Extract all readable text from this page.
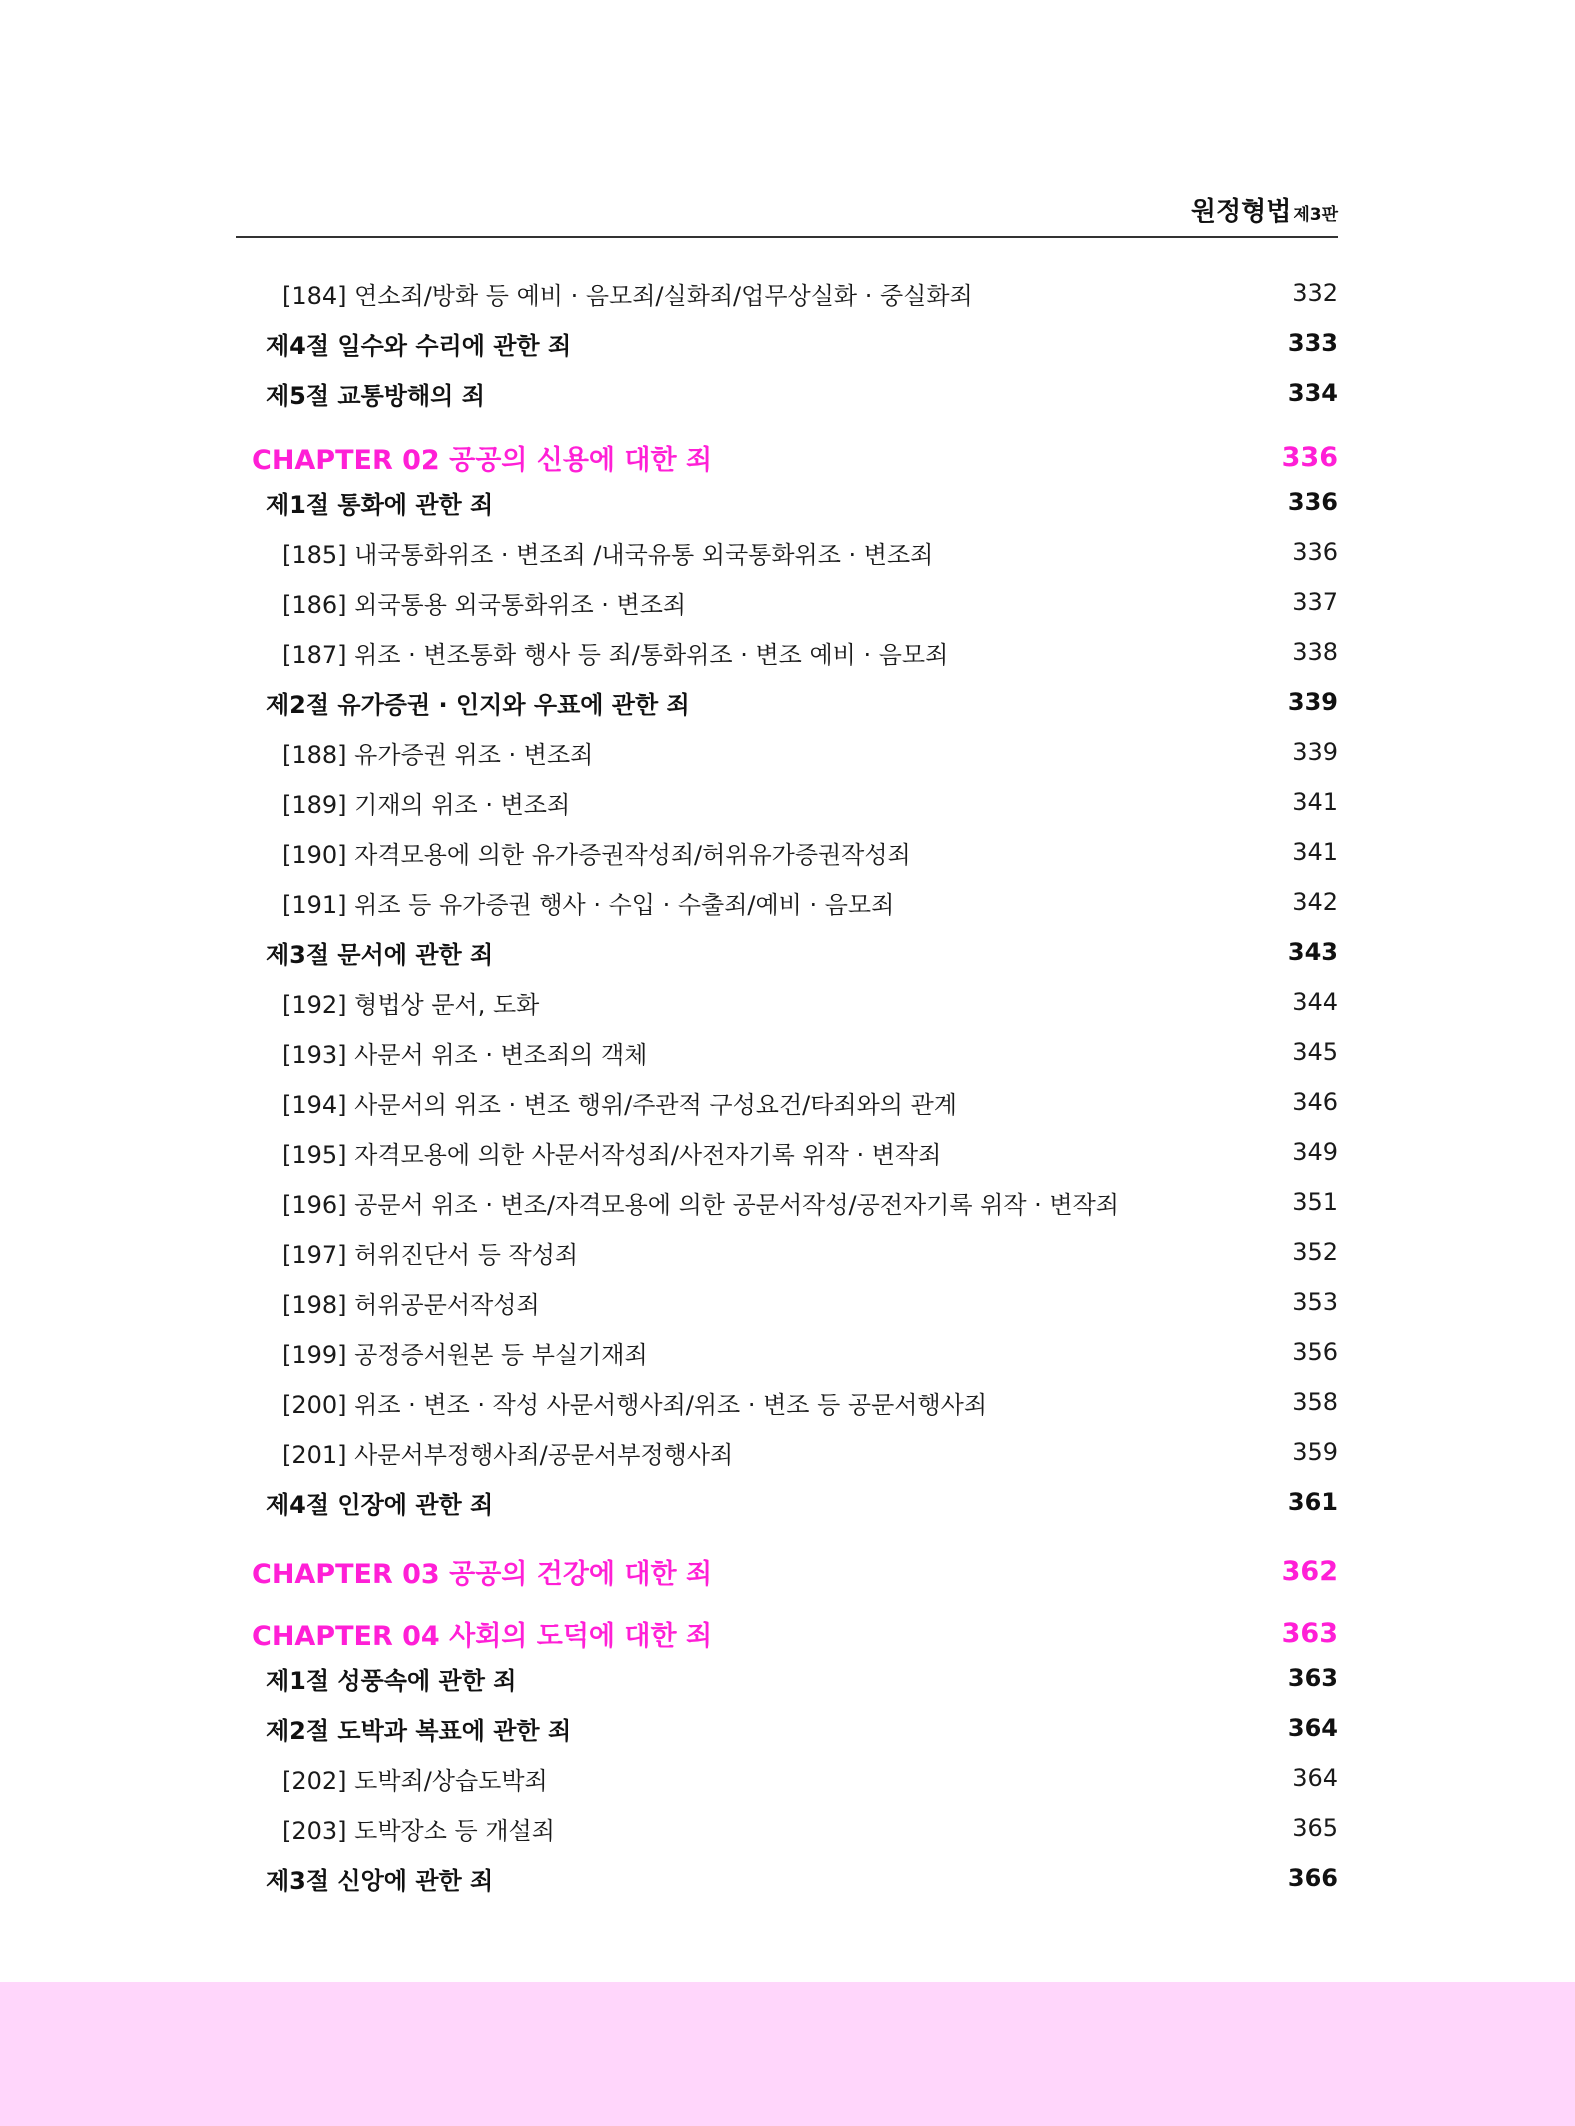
원정형법 제3판
[184] 연소죄/방화 등 예비 · 음모죄/실화죄/업무상실화 · 중실화죄	332
제4절 일수와 수리에 관한 죄	333
제5절 교통방해의 죄	334
CHAPTER 02 공공의 신용에 대한 죄	336
제1절 통화에 관한 죄	336
[185] 내국통화위조 · 변조죄 /내국유통 외국통화위조 · 변조죄	336
[186] 외국통용 외국통화위조 · 변조죄	337
[187] 위조 · 변조통화 행사 등 죄/통화위조 · 변조 예비 · 음모죄	338
제2절 유가증권 · 인지와 우표에 관한 죄	339
[188] 유가증권 위조 · 변조죄	339
[189] 기재의 위조 · 변조죄	341
[190] 자격모용에 의한 유가증권작성죄/허위유가증권작성죄	341
[191] 위조 등 유가증권 행사 · 수입 · 수출죄/예비 · 음모죄	342
제3절 문서에 관한 죄	343
[192] 형법상 문서, 도화	344
[193] 사문서 위조 · 변조죄의 객체	345
[194] 사문서의 위조 · 변조 행위/주관적 구성요건/타죄와의 관계	346
[195] 자격모용에 의한 사문서작성죄/사전자기록 위작 · 변작죄	349
[196] 공문서 위조 · 변조/자격모용에 의한 공문서작성/공전자기록 위작 · 변작죄	351
[197] 허위진단서 등 작성죄	352
[198] 허위공문서작성죄	353
[199] 공정증서원본 등 부실기재죄	356
[200] 위조 · 변조 · 작성 사문서행사죄/위조 · 변조 등 공문서행사죄	358
[201] 사문서부정행사죄/공문서부정행사죄	359
제4절 인장에 관한 죄	361
CHAPTER 03 공공의 건강에 대한 죄	362
CHAPTER 04 사회의 도덕에 대한 죄	363
제1절 성풍속에 관한 죄	363
제2절 도박과 복표에 관한 죄	364
[202] 도박죄/상습도박죄	364
[203] 도박장소 등 개설죄	365
제3절 신앙에 관한 죄	366
